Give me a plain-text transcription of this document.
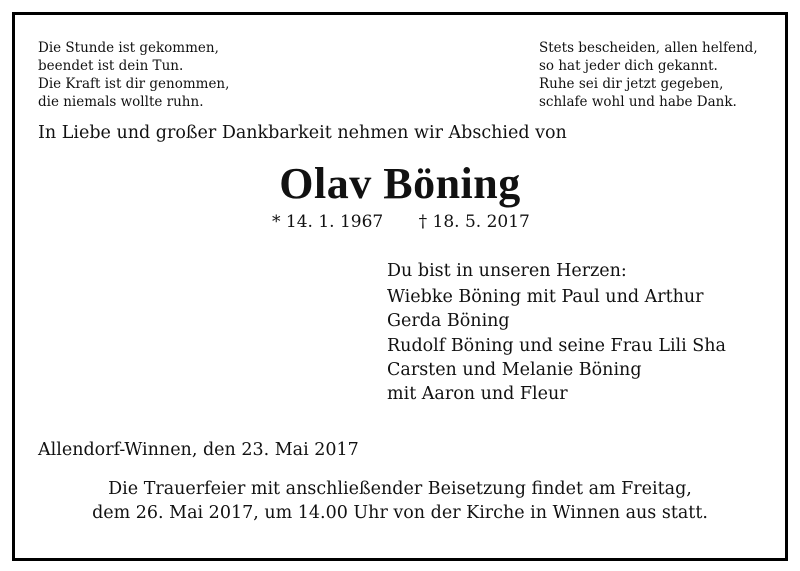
Die Stunde ist gekommen,
beendet ist dein Tun.
Die Kraft ist dir genommen,
die niemals wollte ruhn.
Stets bescheiden, allen helfend,
so hat jeder dich gekannt.
Ruhe sei dir jetzt gegeben,
schlafe wohl und habe Dank.
In Liebe und großer Dankbarkeit nehmen wir Abschied von
Olav Böning
* 14. 1. 1967 † 18. 5. 2017
Du bist in unseren Herzen:
Wiebke Böning mit Paul und Arthur
Gerda Böning
Rudolf Böning und seine Frau Lili Sha
Carsten und Melanie Böning
mit Aaron und Fleur
Allendorf-Winnen, den 23. Mai 2017
Die Trauerfeier mit anschließender Beisetzung findet am Freitag,
dem 26. Mai 2017, um 14.00 Uhr von der Kirche in Winnen aus statt.
